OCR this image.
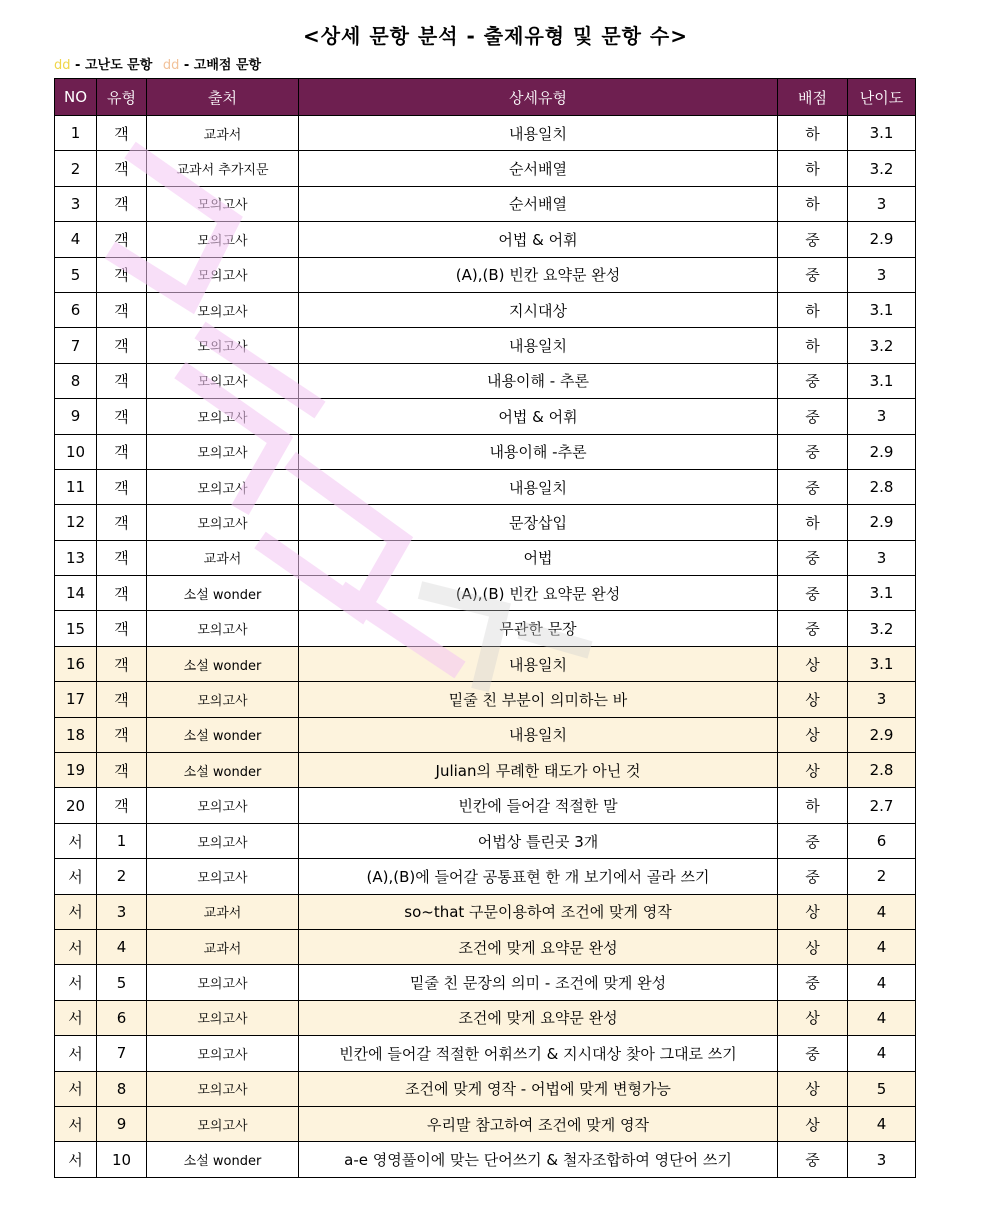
<상세 문항 분석 - 출제유형 및 문항 수>
dd - 고난도 문항 dd - 고배점 문항
NO	유형	출처	상세유형	배점	난이도
1	객	교과서	내용일치	하	3.1
2	객	교과서 추가지문	순서배열	하	3.2
3	객	모의고사	순서배열	하	3
4	객	모의고사	어법 & 어휘	중	2.9
5	객	모의고사	(A),(B) 빈칸 요약문 완성	중	3
6	객	모의고사	지시대상	하	3.1
7	객	모의고사	내용일치	하	3.2
8	객	모의고사	내용이해 - 추론	중	3.1
9	객	모의고사	어법 & 어휘	중	3
10	객	모의고사	내용이해 -추론	중	2.9
11	객	모의고사	내용일치	중	2.8
12	객	모의고사	문장삽입	하	2.9
13	객	교과서	어법	중	3
14	객	소설 wonder	(A),(B) 빈칸 요약문 완성	중	3.1
15	객	모의고사	무관한 문장	중	3.2
16	객	소설 wonder	내용일치	상	3.1
17	객	모의고사	밑줄 친 부분이 의미하는 바	상	3
18	객	소설 wonder	내용일치	상	2.9
19	객	소설 wonder	Julian의 무례한 태도가 아닌 것	상	2.8
20	객	모의고사	빈칸에 들어갈 적절한 말	하	2.7
서	1	모의고사	어법상 틀린곳 3개	중	6
서	2	모의고사	(A),(B)에 들어갈 공통표현 한 개 보기에서 골라 쓰기	중	2
서	3	교과서	so~that 구문이용하여 조건에 맞게 영작	상	4
서	4	교과서	조건에 맞게 요약문 완성	상	4
서	5	모의고사	밑줄 친 문장의 의미 - 조건에 맞게 완성	중	4
서	6	모의고사	조건에 맞게 요약문 완성	상	4
서	7	모의고사	빈칸에 들어갈 적절한 어휘쓰기 & 지시대상 찾아 그대로 쓰기	중	4
서	8	모의고사	조건에 맞게 영작 - 어법에 맞게 변형가능	상	5
서	9	모의고사	우리말 참고하여 조건에 맞게 영작	상	4
서	10	소설 wonder	a-e 영영풀이에 맞는 단어쓰기 & 철자조합하여 영단어 쓰기	중	3
